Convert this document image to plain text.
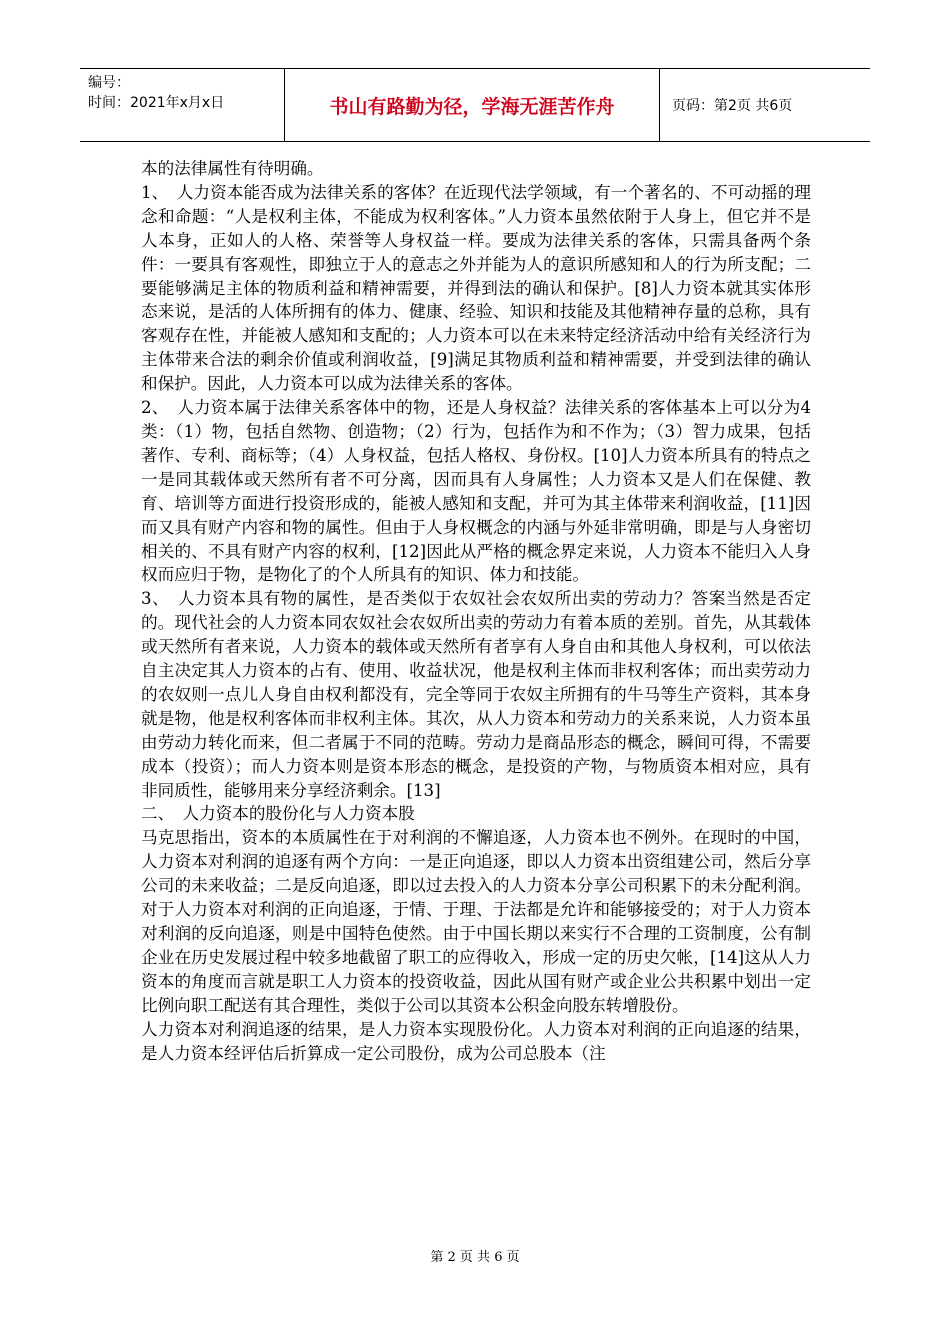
编号：
时间：2021年x月x日	书山有路勤为径，学海无涯苦作舟	页码：第2页 共6页

本的法律属性有待明确。

1、　人力资本能否成为法律关系的客体？在近现代法学领域，有一个著名的、不可动摇的理念和命题：“人是权利主体，不能成为权利客体。”人力资本虽然依附于人身上，但它并不是人本身，正如人的人格、荣誉等人身权益一样。要成为法律关系的客体，只需具备两个条件：一要具有客观性，即独立于人的意志之外并能为人的意识所感知和人的行为所支配；二要能够满足主体的物质利益和精神需要，并得到法的确认和保护。[8]人力资本就其实体形态来说，是活的人体所拥有的体力、健康、经验、知识和技能及其他精神存量的总称，具有客观存在性，并能被人感知和支配的；人力资本可以在未来特定经济活动中给有关经济行为主体带来合法的剩余价值或利润收益，[9]满足其物质利益和精神需要，并受到法律的确认和保护。因此，人力资本可以成为法律关系的客体。

2、　人力资本属于法律关系客体中的物，还是人身权益？法律关系的客体基本上可以分为4类：（1）物，包括自然物、创造物；（2）行为，包括作为和不作为；（3）智力成果，包括著作、专利、商标等；（4）人身权益，包括人格权、身份权。[10]人力资本所具有的特点之一是同其载体或天然所有者不可分离，因而具有人身属性；人力资本又是人们在保健、教育、培训等方面进行投资形成的，能被人感知和支配，并可为其主体带来利润收益，[11]因而又具有财产内容和物的属性。但由于人身权概念的内涵与外延非常明确，即是与人身密切相关的、不具有财产内容的权利，[12]因此从严格的概念界定来说，人力资本不能归入人身权而应归于物，是物化了的个人所具有的知识、体力和技能。

3、　人力资本具有物的属性，是否类似于农奴社会农奴所出卖的劳动力？答案当然是否定的。现代社会的人力资本同农奴社会农奴所出卖的劳动力有着本质的差别。首先，从其载体或天然所有者来说，人力资本的载体或天然所有者享有人身自由和其他人身权利，可以依法自主决定其人力资本的占有、使用、收益状况，他是权利主体而非权利客体；而出卖劳动力的农奴则一点儿人身自由权利都没有，完全等同于农奴主所拥有的牛马等生产资料，其本身就是物，他是权利客体而非权利主体。其次，从人力资本和劳动力的关系来说，人力资本虽由劳动力转化而来，但二者属于不同的范畴。劳动力是商品形态的概念，瞬间可得，不需要成本（投资）；而人力资本则是资本形态的概念，是投资的产物，与物质资本相对应，具有非同质性，能够用来分享经济剩余。[13]

二、　人力资本的股份化与人力资本股

马克思指出，资本的本质属性在于对利润的不懈追逐，人力资本也不例外。在现时的中国，人力资本对利润的追逐有两个方向：一是正向追逐，即以人力资本出资组建公司，然后分享公司的未来收益；二是反向追逐，即以过去投入的人力资本分享公司积累下的未分配利润。对于人力资本对利润的正向追逐，于情、于理、于法都是允许和能够接受的；对于人力资本对利润的反向追逐，则是中国特色使然。由于中国长期以来实行不合理的工资制度，公有制企业在历史发展过程中较多地截留了职工的应得收入，形成一定的历史欠帐，[14]这从人力资本的角度而言就是职工人力资本的投资收益，因此从国有财产或企业公共积累中划出一定比例向职工配送有其合理性，类似于公司以其资本公积金向股东转增股份。

人力资本对利润追逐的结果，是人力资本实现股份化。人力资本对利润的正向追逐的结果，是人力资本经评估后折算成一定公司股份，成为公司总股本（注

第 2 页 共 6 页
